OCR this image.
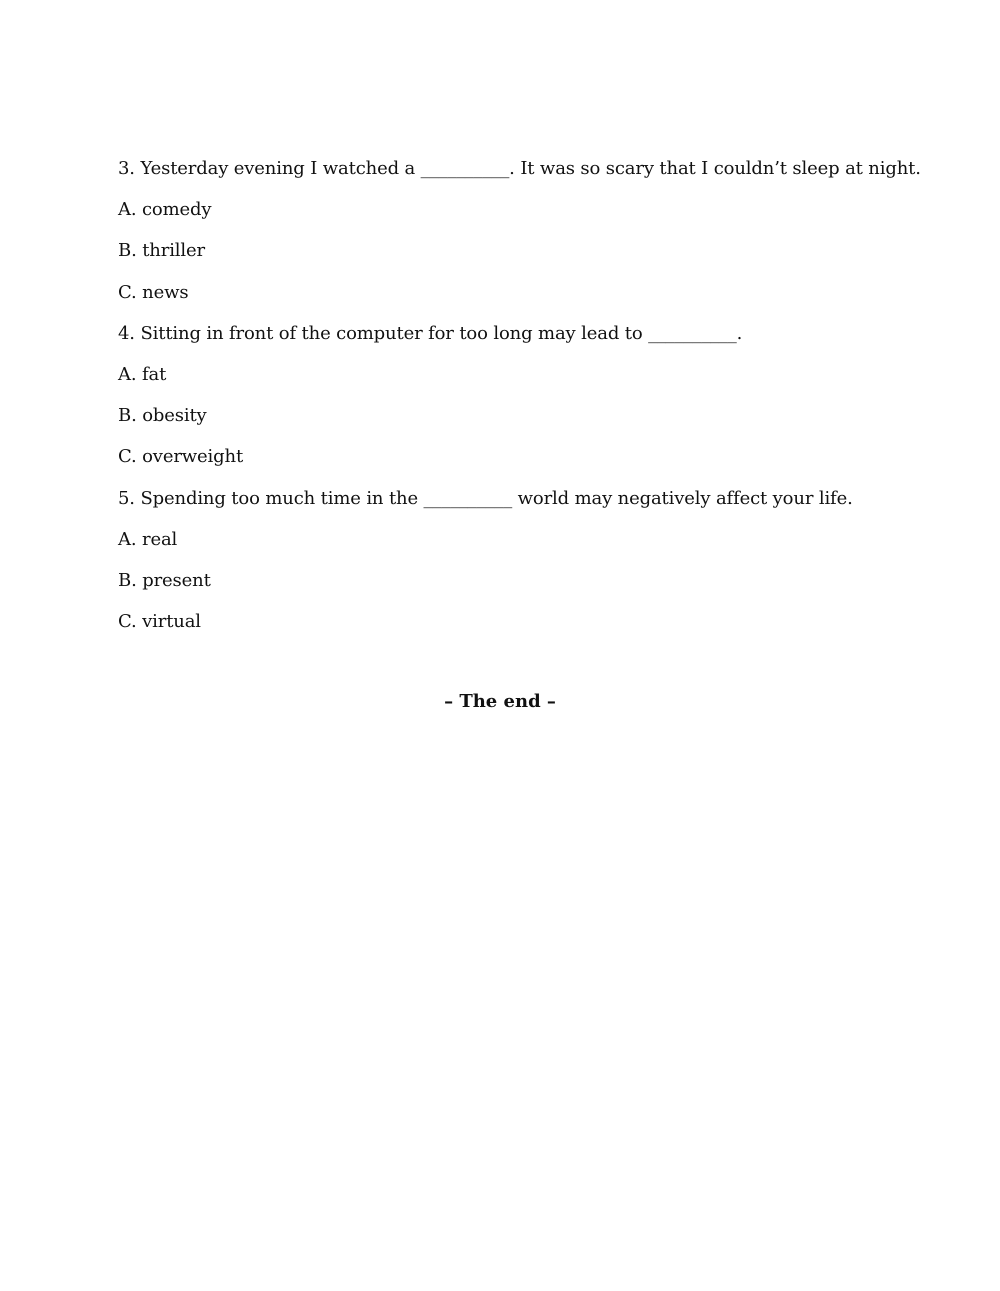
3. Yesterday evening I watched a __________. It was so scary that I couldn’t sleep at night.
A. comedy
B. thriller
C. news
4. Sitting in front of the computer for too long may lead to __________.
A. fat
B. obesity
C. overweight
5. Spending too much time in the __________ world may negatively affect your life.
A. real
B. present
C. virtual
– The end –
